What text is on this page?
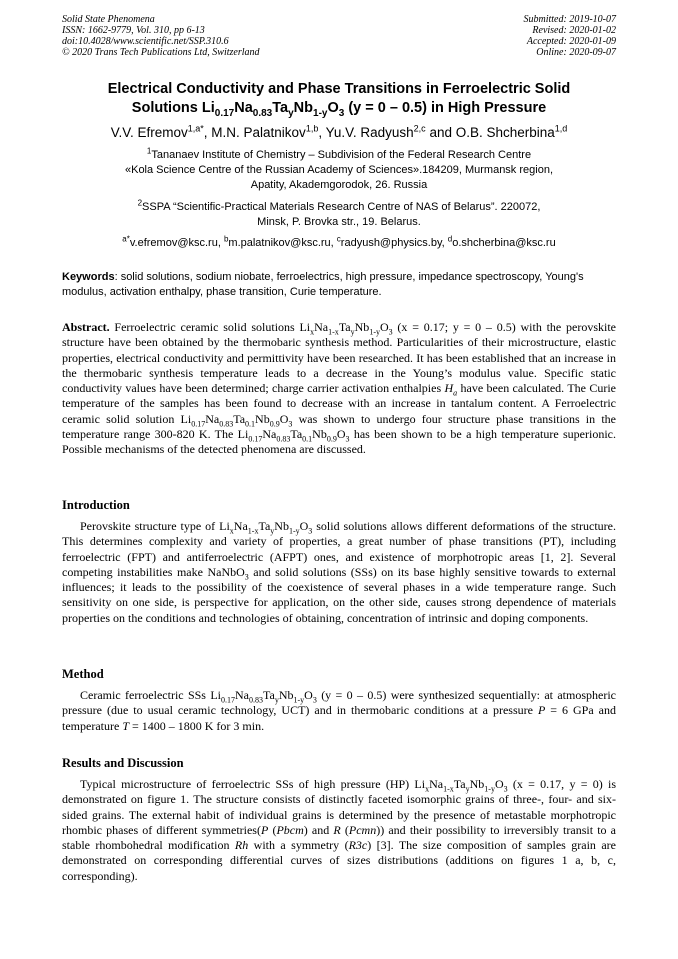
Solid State Phenomena
ISSN: 1662-9779, Vol. 310, pp 6-13
doi:10.4028/www.scientific.net/SSP.310.6
© 2020 Trans Tech Publications Ltd, Switzerland
Submitted: 2019-10-07
Revised: 2020-01-02
Accepted: 2020-01-09
Online: 2020-09-07
Electrical Conductivity and Phase Transitions in Ferroelectric Solid
Solutions $Li_{0.17}Na_{0.83}Ta_yNb_{1-y}O_3$ (y = 0 – 0.5) in High Pressure
V.V. Efremov$^{1,a*}$, M.N. Palatnikov$^{1,b}$, Yu.V. Radyush$^{2,c}$ and O.B. Shcherbina$^{1,d}$
$^1$Tananaev Institute of Chemistry – Subdivision of the Federal Research Centre
«Kola Science Centre of the Russian Academy of Sciences».184209, Murmansk region,
Apatity, Akademgorodok, 26. Russia
$^2$SSPA “Scientific-Practical Materials Research Centre of NAS of Belarus”. 220072,
Minsk, P. Brovka str., 19. Belarus.
$^{a*}$v.efremov@ksc.ru, $^b$m.palatnikov@ksc.ru, $^c$radyush@physics.by, $^d$o.shcherbina@ksc.ru
Keywords: solid solutions, sodium niobate, ferroelectrics, high pressure, impedance spectroscopy, Young's modulus, activation enthalpy, phase transition, Curie temperature.
Abstract. Ferroelectric ceramic solid solutions $Li_xNa_{1-x}Ta_yNb_{1-y}O_3$ (x = 0.17; y = 0 – 0.5) with the perovskite structure have been obtained by the thermobaric synthesis method. Particularities of their microstructure, elastic properties, electrical conductivity and permittivity have been researched. It has been established that an increase in the thermobaric synthesis temperature leads to a decrease in the Young’s modulus value. Specific static conductivity values have been determined; charge carrier activation enthalpies $H_a$ have been calculated. The Curie temperature of the samples has been found to decrease with an increase in tantalum content. A Ferroelectric ceramic solid solution $Li_{0.17}Na_{0.83}Ta_{0.1}Nb_{0.9}O_3$ was shown to undergo four structure phase transitions in the temperature range 300-820 K. The $Li_{0.17}Na_{0.83}Ta_{0.1}Nb_{0.9}O_3$ has been shown to be a high temperature superionic. Possible mechanisms of the detected phenomena are discussed.
Introduction
Perovskite structure type of $Li_xNa_{1-x}Ta_yNb_{1-y}O_3$ solid solutions allows different deformations of the structure. This determines complexity and variety of properties, a great number of phase transitions (PT), including ferroelectric (FPT) and antiferroelectric (AFPT) ones, and existence of morphotropic areas [1, 2]. Several competing instabilities make NaNbO$_3$ and solid solutions (SSs) on its base highly sensitive towards to external influences; it leads to the possibility of the coexistence of several phases in a wide temperature range. Such sensitivity on one side, is perspective for application, on the other side, causes strong dependence of materials properties on the conditions and technologies of obtaining, concentration of intrinsic and doping components.
Method
Ceramic ferroelectric SSs $Li_{0.17}Na_{0.83}Ta_yNb_{1-y}O_3$ (y = 0 – 0.5) were synthesized sequentially: at atmospheric pressure (due to usual ceramic technology, UCT) and in thermobaric conditions at a pressure P = 6 GPa and temperature T = 1400 – 1800 K for 3 min.
Results and Discussion
Typical microstructure of ferroelectric SSs of high pressure (HP) $Li_xNa_{1-x}Ta_yNb_{1-y}O_3$ (x = 0.17, y = 0) is demonstrated on figure 1. The structure consists of distinctly faceted isomorphic grains of three-, four- and six-sided grains. The external habit of individual grains is determined by the presence of metastable morphotropic rhombic phases of different symmetries(P (Pbcm) and R (Pcmn)) and their possibility to irreversibly transit to a stable rhombohedral modification Rh with a symmetry (R3c) [3]. The size composition of samples grain are demonstrated on corresponding differential curves of sizes distributions (additions on figures 1 a, b, c, corresponding).
